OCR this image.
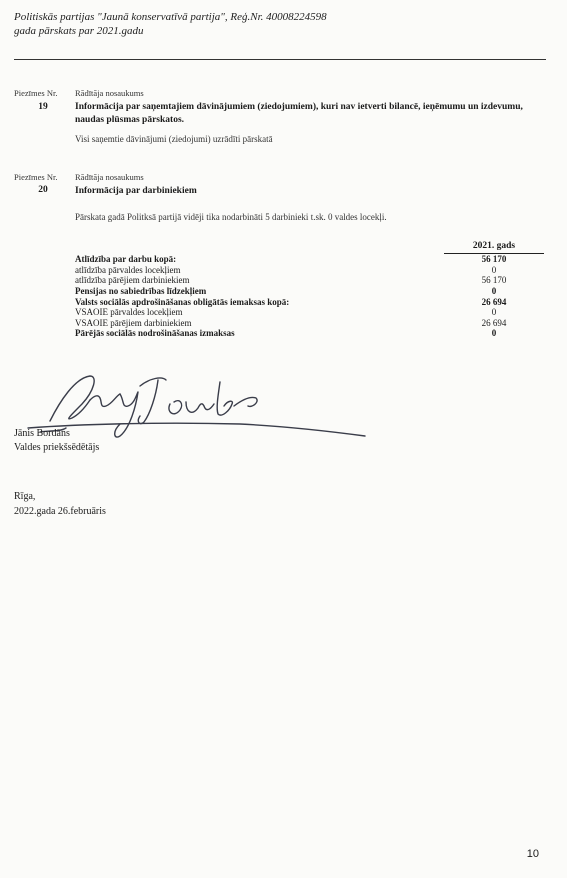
Politiskās partijas "Jaunā konservatīvā partija", Reģ.Nr. 40008224598
gada pārskats par 2021.gadu
Piezīmes Nr. Rādītāja nosaukums
19	Informācija par saņemtajiem dāvinājumiem (ziedojumiem), kuri nav ietverti bilancē, ieņēmumu un izdevumu, naudas plūsmas pārskatos.
Visi saņemtie dāvinājumi (ziedojumi) uzrādīti pārskatā
Piezīmes Nr. Rādītāja nosaukums
20	Informācija par darbiniekiem
Pārskata gadā Politksā partijā vidēji tika nodarbināti 5 darbinieki t.sk. 0 valdes locekļi.
2021. gads
Atlīdzība par darbu kopā:	56 170
atlīdzība pārvaldes locekļiem	0
atlīdzība pārējiem darbiniekiem	56 170
Pensijas no sabiedrības līdzekļiem	0
Valsts sociālās apdrošināšanas obligātās iemaksas kopā:	26 694
VSAOIE pārvaldes locekļiem	0
VSAOIE pārējiem darbiniekiem	26 694
Pārējās sociālās nodrošināšanas izmaksas	0
Jānis Bordāns
Valdes priekšsēdētājs
Rīga,
2022.gada 26.februāris
10
